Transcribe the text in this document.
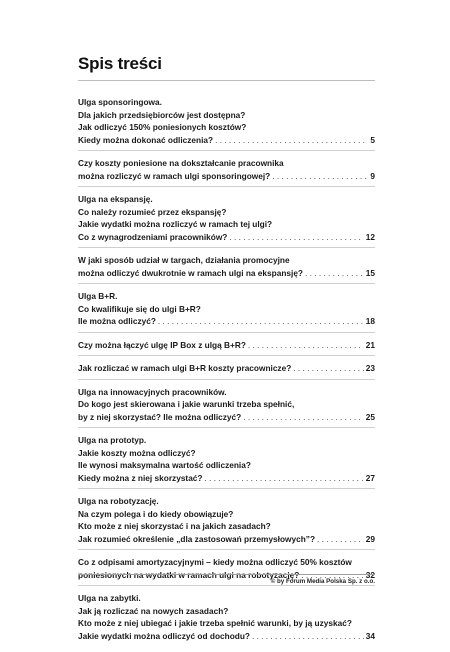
Spis treści
Ulga sponsoringowa.
Dla jakich przedsiębiorców jest dostępna?
Jak odliczyć 150% poniesionych kosztów?
Kiedy można dokonać odliczenia? . . .	5
Czy koszty poniesione na dokształcanie pracownika
można rozliczyć w ramach ulgi sponsoringowej? . . .	9
Ulga na ekspansję.
Co należy rozumieć przez ekspansję?
Jakie wydatki można rozliczyć w ramach tej ulgi?
Co z wynagrodzeniami pracowników? . . .	12
W jaki sposób udział w targach, działania promocyjne
można odliczyć dwukrotnie w ramach ulgi na ekspansję? . . .	15
Ulga B+R.
Co kwalifikuje się do ulgi B+R?
Ile można odliczyć? . . .	18
Czy można łączyć ulgę IP Box z ulgą B+R? . . .	21
Jak rozliczać w ramach ulgi B+R koszty pracownicze? . . .	23
Ulga na innowacyjnych pracowników.
Do kogo jest skierowana i jakie warunki trzeba spełnić,
by z niej skorzystać? Ile można odliczyć? . . .	25
Ulga na prototyp.
Jakie koszty można odliczyć?
Ile wynosi maksymalna wartość odliczenia?
Kiedy można z niej skorzystać? . . .	27
Ulga na robotyzację.
Na czym polega i do kiedy obowiązuje?
Kto może z niej skorzystać i na jakich zasadach?
Jak rozumieć określenie „dla zastosowań przemysłowych”? . . .	29
Co z odpisami amortyzacyjnymi – kiedy można odliczyć 50% kosztów
poniesionych na wydatki w ramach ulgi na robotyzację? . . .	32
Ulga na zabytki.
Jak ją rozliczać na nowych zasadach?
Kto może z niej ubiegać i jakie trzeba spełnić warunki, by ją uzyskać?
Jakie wydatki można odliczyć od dochodu? . . .	34
© by Forum Media Polska Sp. z o.o.
